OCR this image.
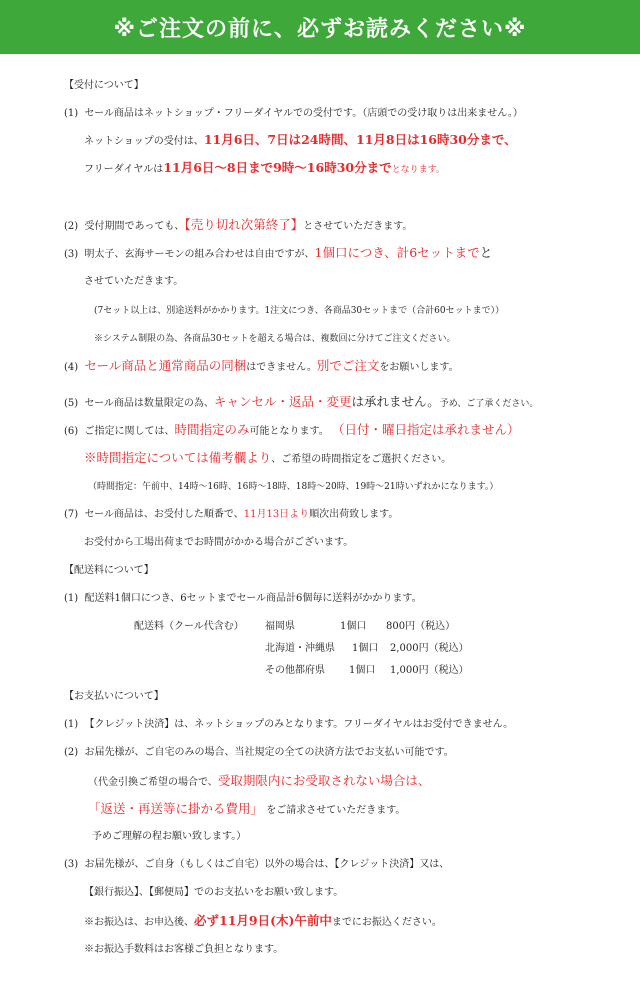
※ご注文の前に、必ずお読みください※
【受付について】
(1) セール商品はネットショップ・フリーダイヤルでの受付です。（店頭での受け取りは出来ません。）
ネットショップの受付は、11月6日、7日は24時間、11月8日は16時30分まで、
フリーダイヤルは11月6日〜8日まで9時〜16時30分までとなります。
(2) 受付期間であっても、【売り切れ次第終了】とさせていただきます。
(3) 明太子、玄海サーモンの組み合わせは自由ですが、1個口につき、計6セットまでと
させていただきます。
(7セット以上は、別途送料がかかります。1注文につき、各商品30セットまで（合計60セットまで））
※システム制限の為、各商品30セットを超える場合は、複数回に分けてご注文ください。
(4) セール商品と通常商品の同梱はできません。別でご注文をお願いします。
(5) セール商品は数量限定の為、キャンセル・返品・変更は承れません。予め、ご了承ください。
(6) ご指定に関しては、時間指定のみ可能となります。 （日付・曜日指定は承れません）
※時間指定については備考欄より、ご希望の時間指定をご選択ください。
（時間指定：午前中、14時〜16時、16時〜18時、18時〜20時、19時〜21時いずれかになります。）
(7) セール商品は、お受付した順番で、11月13日より順次出荷致します。
お受付から工場出荷までお時間がかかる場合がございます。
【配送料について】
(1) 配送料1個口につき、6セットまでセール商品計6個毎に送料がかかります。
配送料（クール代含む） 福岡県	1個口 800円（税込）
北海道・沖縄県 1個口 2,000円（税込）
その他都府県 1個口 1,000円（税込）
【お支払いについて】
(1) 【クレジット決済】は、ネットショップのみとなります。フリーダイヤルはお受付できません。
(2) お届先様が、ご自宅のみの場合、当社規定の全ての決済方法でお支払い可能です。
（代金引換ご希望の場合で、受取期限内にお受取されない場合は、
「返送・再送等に掛かる費用」 をご請求させていただきます。
予めご理解の程お願い致します。）
(3) お届先様が、ご自身（もしくはご自宅）以外の場合は、【クレジット決済】又は、
【銀行振込】、【郵便局】でのお支払いをお願い致します。
※お振込は、お申込後、必ず11月9日(木)午前中までにお振込ください。
※お振込手数料はお客様ご負担となります。
